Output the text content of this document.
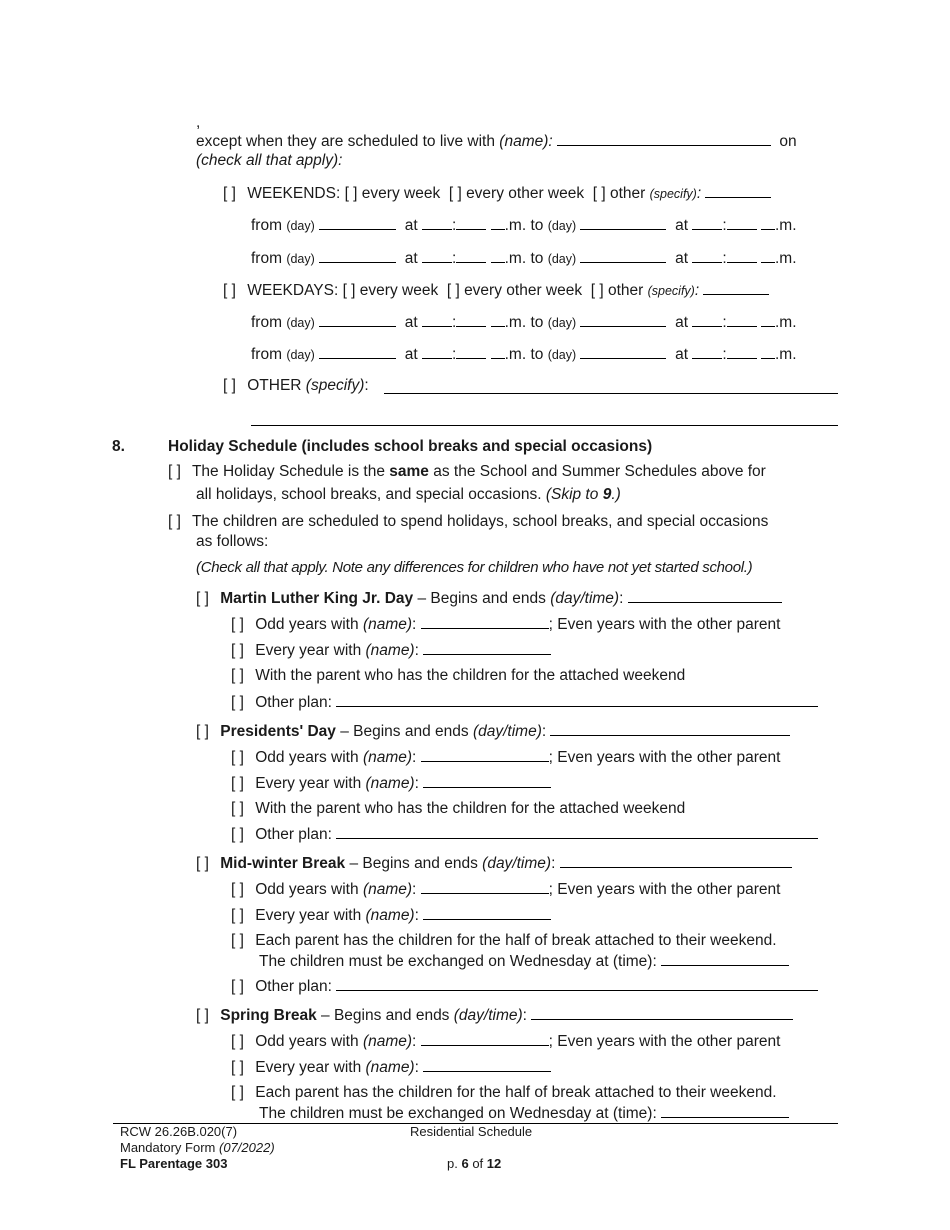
,
except when they are scheduled to live with (name):	on
(check all that apply):
[ ] WEEKENDS: [ ] every week [ ] every other week [ ] other (specify):
from (day)	at :	.m. to (day)	at :	.m.
from (day)	at :	.m. to (day)	at :	.m.
[ ] WEEKDAYS: [ ] every week [ ] every other week [ ] other (specify):
from (day)	at :	.m. to (day)	at :	.m.
from (day)	at :	.m. to (day)	at :	.m.
[ ] OTHER (specify):
8.	Holiday Schedule (includes school breaks and special occasions)
[ ] The Holiday Schedule is the same as the School and Summer Schedules above for
all holidays, school breaks, and special occasions. (Skip to 9.)
[ ] The children are scheduled to spend holidays, school breaks, and special occasions
as follows:
(Check all that apply. Note any differences for children who have not yet started school.)
[ ] Martin Luther King Jr. Day – Begins and ends (day/time):
[ ] Odd years with (name):	; Even years with the other parent
[ ] Every year with (name):
[ ] With the parent who has the children for the attached weekend
[ ] Other plan:
[ ] Presidents' Day – Begins and ends (day/time):
[ ] Odd years with (name):	; Even years with the other parent
[ ] Every year with (name):
[ ] With the parent who has the children for the attached weekend
[ ] Other plan:
[ ] Mid-winter Break – Begins and ends (day/time):
[ ] Odd years with (name):	; Even years with the other parent
[ ] Every year with (name):
[ ] Each parent has the children for the half of break attached to their weekend.
The children must be exchanged on Wednesday at (time):
[ ] Other plan:
[ ] Spring Break – Begins and ends (day/time):
[ ] Odd years with (name):	; Even years with the other parent
[ ] Every year with (name):
[ ] Each parent has the children for the half of break attached to their weekend.
The children must be exchanged on Wednesday at (time):
RCW 26.26B.020(7)
Mandatory Form (07/2022)
FL Parentage 303
Residential Schedule
p. 6 of 12
